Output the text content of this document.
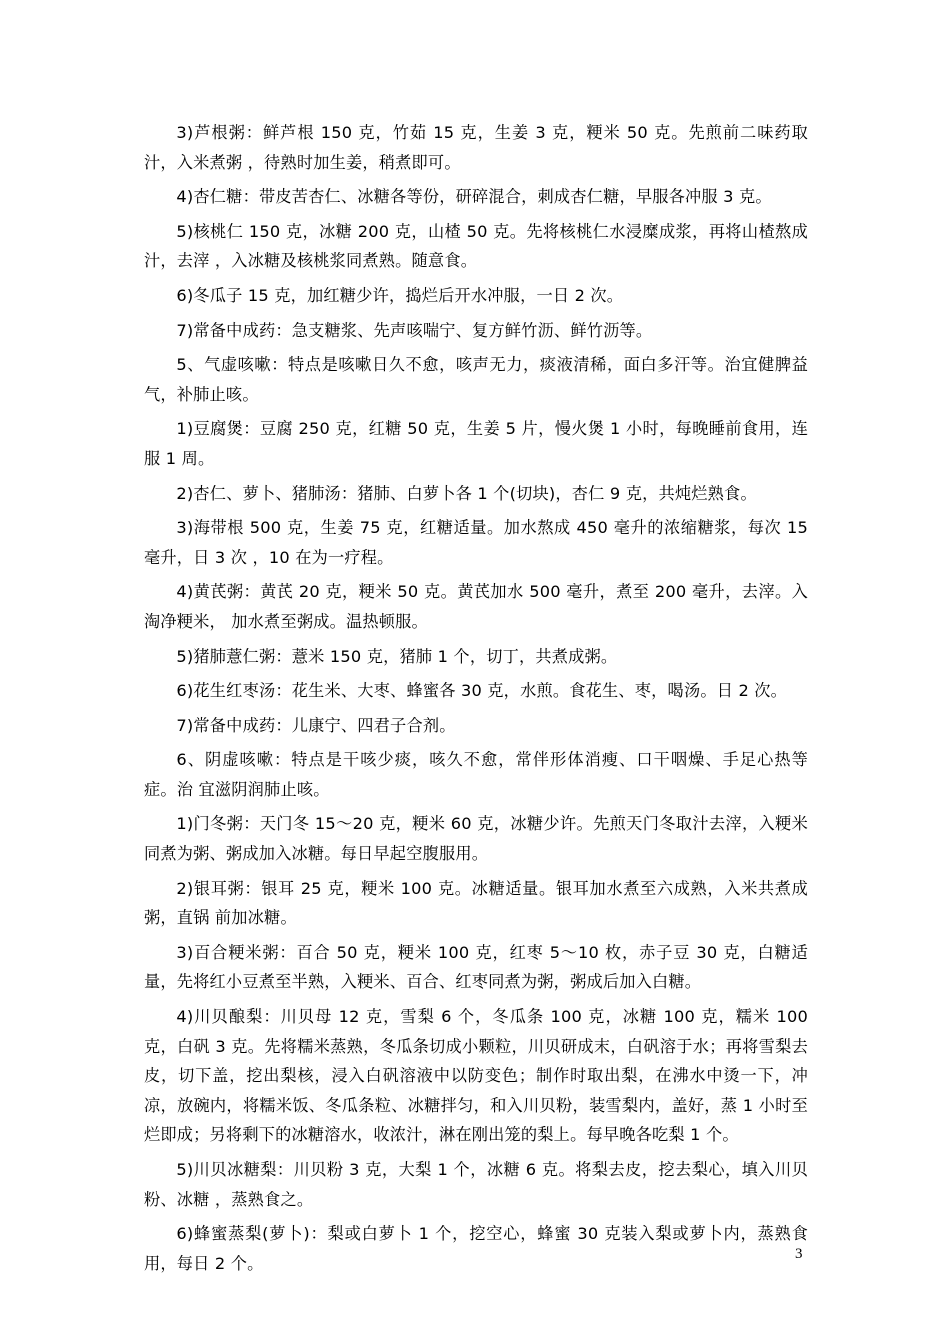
3)芦根粥：鲜芦根 150 克，竹茹 15 克，生姜 3 克，粳米 50 克。先煎前二味药取汁，入米煮粥 ，待熟时加生姜，稍煮即可。

4)杏仁糖：带皮苦杏仁、冰糖各等份，研碎混合，刺成杏仁糖，早服各冲服 3 克。

5)核桃仁 150 克，冰糖 200 克，山楂 50 克。先将核桃仁水浸糜成浆，再将山楂熬成汁，去滓 ，入冰糖及核桃浆同煮熟。随意食。

6)冬瓜子 15 克，加红糖少许，捣烂后开水冲服，一日 2 次。

7)常备中成药：急支糖浆、先声咳喘宁、复方鲜竹沥、鲜竹沥等。

5、气虚咳嗽：特点是咳嗽日久不愈，咳声无力，痰液清稀，面白多汗等。治宜健脾益气，补肺止咳。

1)豆腐煲：豆腐 250 克，红糖 50 克，生姜 5 片，慢火煲 1 小时，每晚睡前食用，连服 1 周。

2)杏仁、萝卜、猪肺汤：猪肺、白萝卜各 1 个(切块)，杏仁 9 克，共炖烂熟食。

3)海带根 500 克，生姜 75 克，红糖适量。加水熬成 450 毫升的浓缩糖浆，每次 15 毫升，日 3 次 ，10 在为一疗程。

4)黄芪粥：黄芪 20 克，粳米 50 克。黄芪加水 500 毫升，煮至 200 毫升，去滓。入淘净粳米， 加水煮至粥成。温热顿服。

5)猪肺薏仁粥：薏米 150 克，猪肺 1 个，切丁，共煮成粥。

6)花生红枣汤：花生米、大枣、蜂蜜各 30 克，水煎。食花生、枣，喝汤。日 2 次。

7)常备中成药：儿康宁、四君子合剂。

6、阴虚咳嗽：特点是干咳少痰，咳久不愈，常伴形体消瘦、口干咽燥、手足心热等症。治 宜滋阴润肺止咳。

1)门冬粥：天门冬 15～20 克，粳米 60 克，冰糖少许。先煎天门冬取汁去滓，入粳米同煮为粥、粥成加入冰糖。每日早起空腹服用。

2)银耳粥：银耳 25 克，粳米 100 克。冰糖适量。银耳加水煮至六成熟，入米共煮成粥，直锅 前加冰糖。

3)百合粳米粥：百合 50 克，粳米 100 克，红枣 5～10 枚，赤子豆 30 克，白糖适量，先将红小豆煮至半熟，入粳米、百合、红枣同煮为粥，粥成后加入白糖。

4)川贝酿梨：川贝母 12 克，雪梨 6 个，冬瓜条 100 克，冰糖 100 克，糯米 100 克，白矾 3 克。先将糯米蒸熟，冬瓜条切成小颗粒，川贝研成末，白矾溶于水；再将雪梨去皮，切下盖，挖出梨核，浸入白矾溶液中以防变色；制作时取出梨，在沸水中烫一下，冲凉，放碗内，将糯米饭、冬瓜条粒、冰糖拌匀，和入川贝粉，装雪梨内，盖好，蒸 1 小时至烂即成；另将剩下的冰糖溶水，收浓汁，淋在刚出笼的梨上。每早晚各吃梨 1 个。

5)川贝冰糖梨：川贝粉 3 克，大梨 1 个，冰糖 6 克。将梨去皮，挖去梨心，填入川贝粉、冰糖 ，蒸熟食之。

6)蜂蜜蒸梨(萝卜)：梨或白萝卜 1 个，挖空心，蜂蜜 30 克装入梨或萝卜内，蒸熟食用，每日 2 个。	3
